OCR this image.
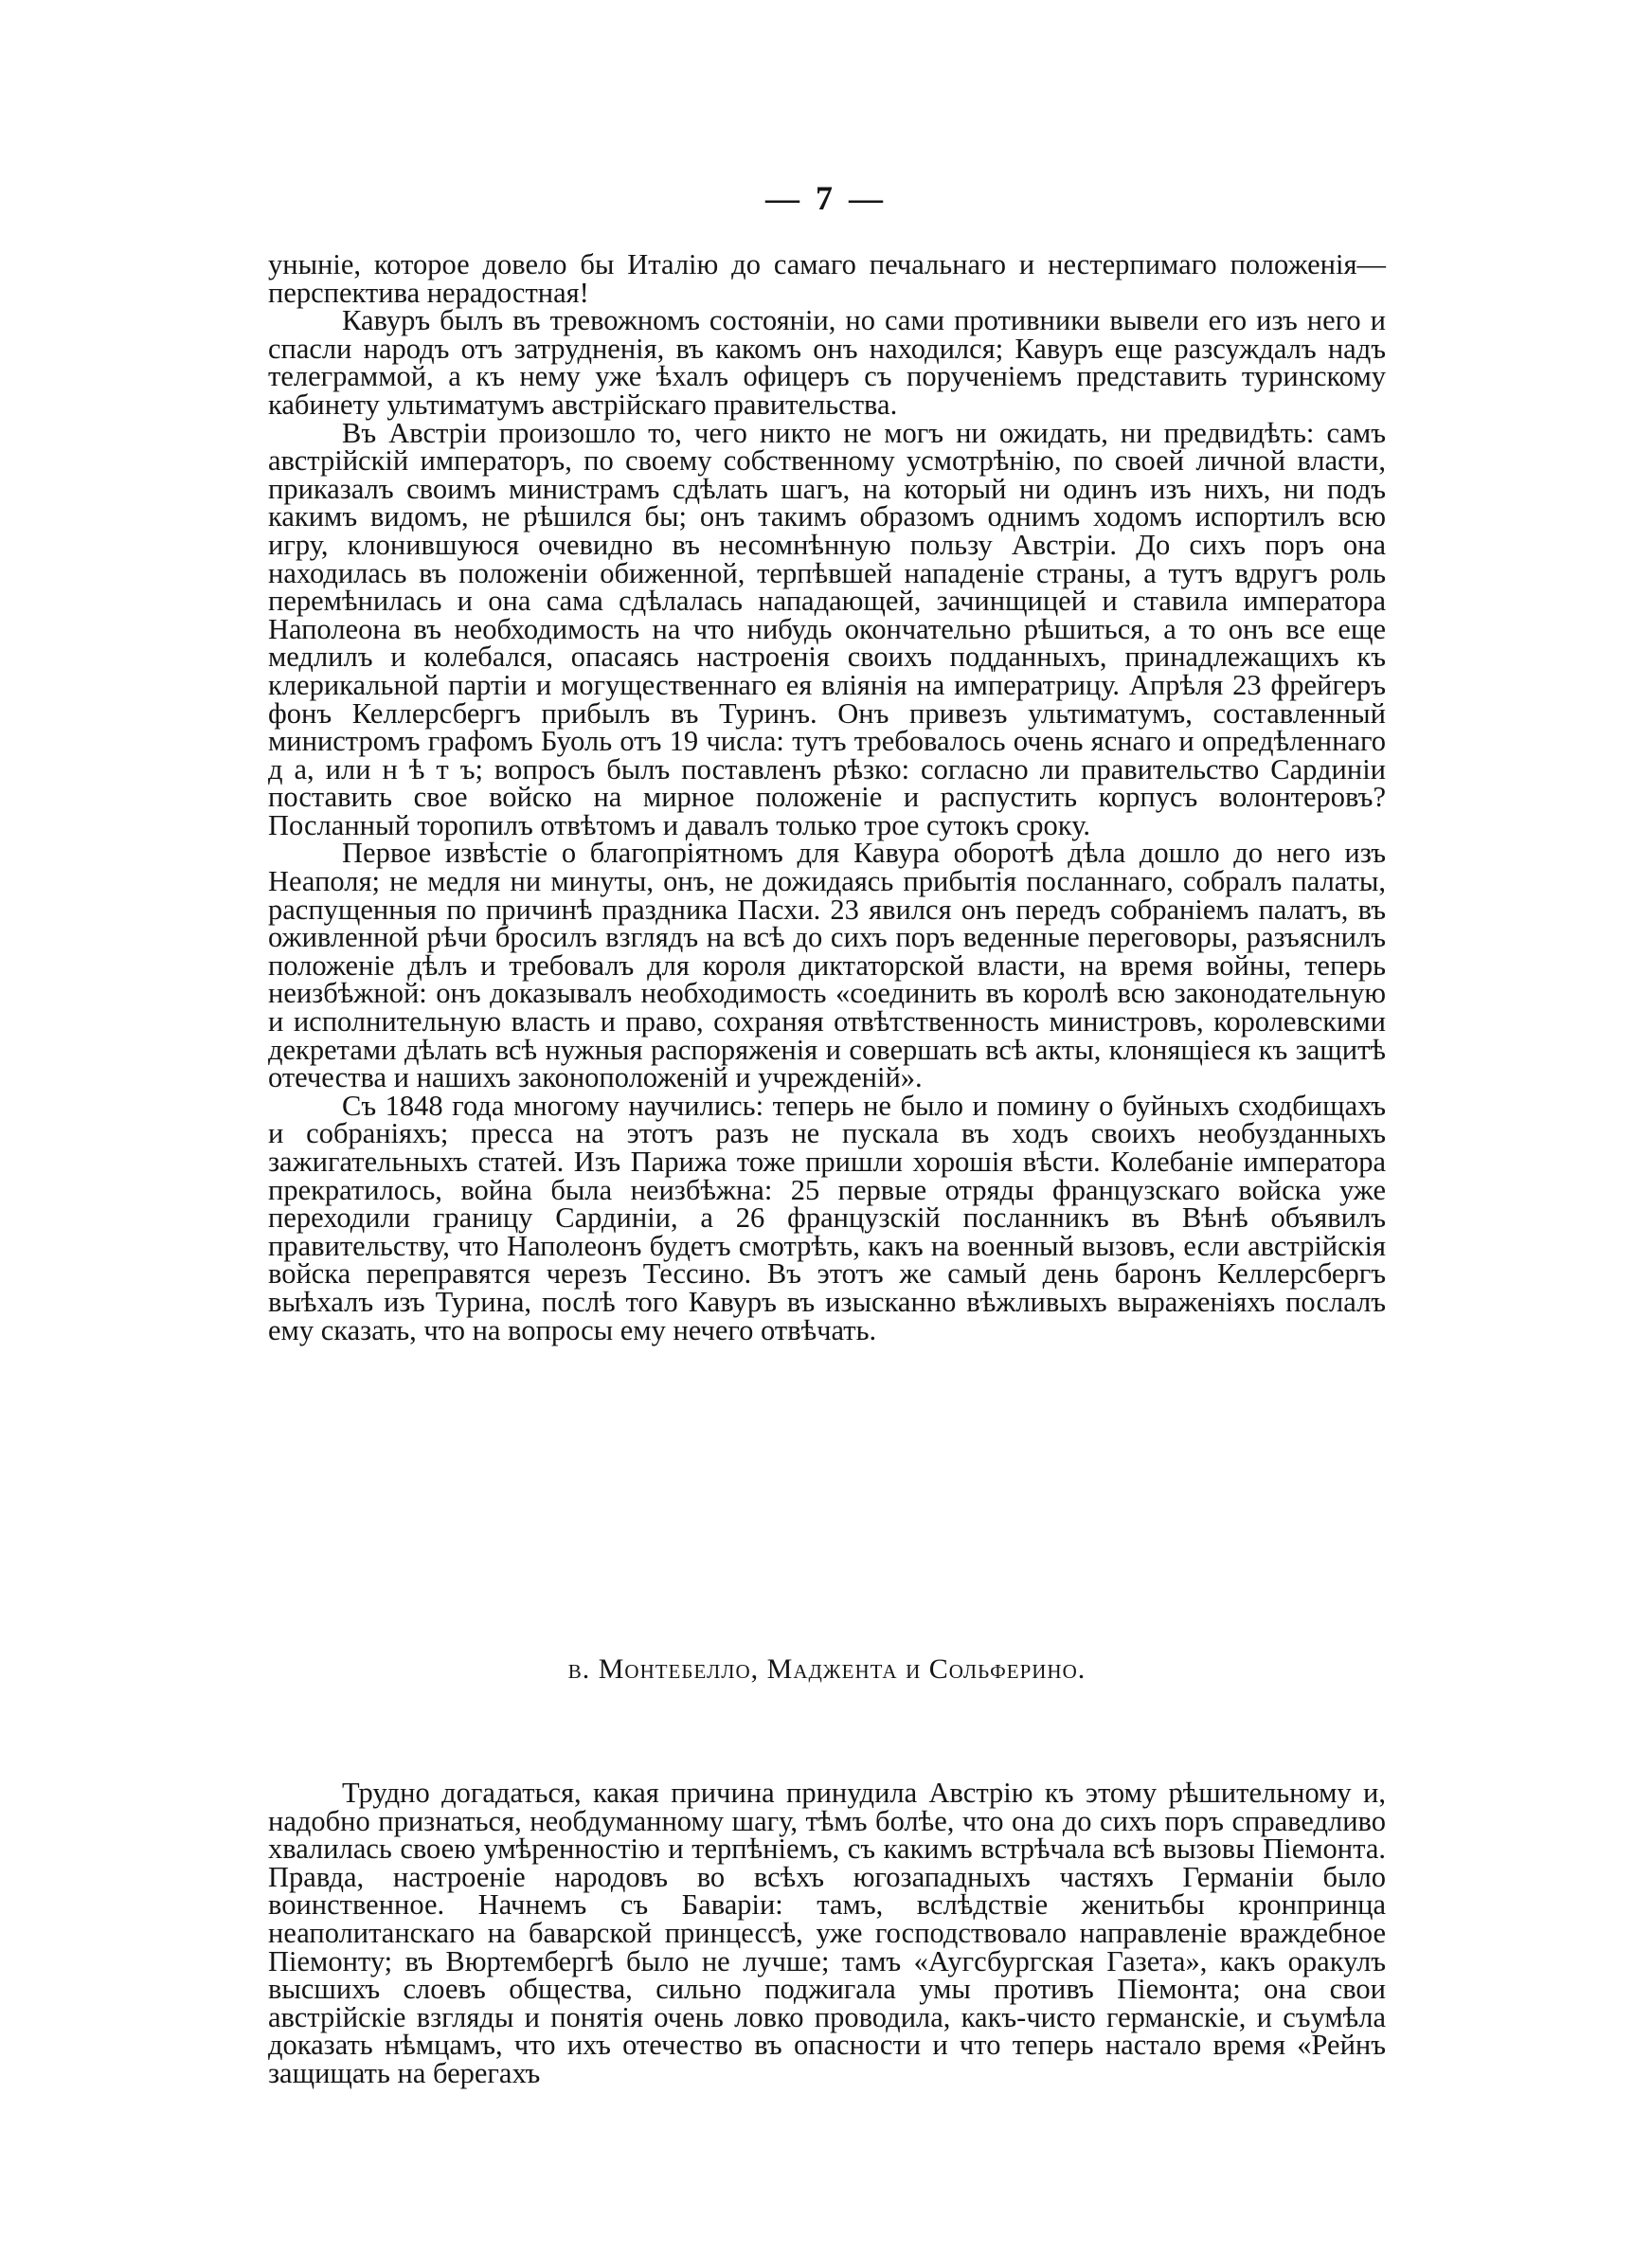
— 7 —

унынiе, которое довело бы Италiю до самаго печальнаго и нестерпимаго положенiя—перспектива нерадостная!

Кавуръ былъ въ тревожномъ состоянiи, но сами противники вывели его изъ него и спасли народъ отъ затрудненiя, въ какомъ онъ находился; Кавуръ еще разсуждалъ надъ телеграммой, а къ нему уже ѣхалъ офицеръ съ порученiемъ представить туринскому кабинету ультиматумъ австрiйскаго правительства.

Въ Австрiи произошло то, чего никто не могъ ни ожидать, ни предвидѣть: самъ австрiйскiй императоръ, по своему собственному усмотрѣнiю, по своей личной власти, приказалъ своимъ министрамъ сдѣлать шагъ, на который ни одинъ изъ нихъ, ни подъ какимъ видомъ, не рѣшился бы; онъ такимъ образомъ однимъ ходомъ испортилъ всю игру, клонившуюся очевидно въ несомнѣнную пользу Австрiи. До сихъ поръ она находилась въ положенiи обиженной, терпѣвшей нападенiе страны, а тутъ вдругъ роль перемѣнилась и она сама сдѣлалась нападающей, зачинщицей и ставила императора Наполеона въ необходимость на что нибудь окончательно рѣшиться, а то онъ все еще медлилъ и колебался, опасаясь настроенiя своихъ подданныхъ, принадлежащихъ къ клерикальной партiи и могущественнаго ея влiянiя на императрицу. Апрѣля 23 фрейгеръ фонъ Келлерсбергъ прибылъ въ Туринъ. Онъ привезъ ультиматумъ, составленный министромъ графомъ Буоль отъ 19 числа: тутъ требовалось очень яснаго и опредѣленнаго д а, или н ѣ т ъ; вопросъ былъ поставленъ рѣзко: согласно ли правительство Сардинiи поставить свое войско на мирное положенiе и распустить корпусъ волонтеровъ? Посланный торопилъ отвѣтомъ и давалъ только трое сутокъ сроку.

Первое извѣстiе о благопрiятномъ для Кавура оборотѣ дѣла дошло до него изъ Неаполя; не медля ни минуты, онъ, не дожидаясь прибытiя посланнаго, собралъ палаты, распущенныя по причинѣ праздника Пасхи. 23 явился онъ передъ собранiемъ палатъ, въ оживленной рѣчи бросилъ взглядъ на всѣ до сихъ поръ веденные переговоры, разъяснилъ положенiе дѣлъ и требовалъ для короля диктаторской власти, на время войны, теперь неизбѣжной: онъ доказывалъ необходимость «соединить въ королѣ всю законодательную и исполнительную власть и право, сохраняя отвѣтственность министровъ, королевскими декретами дѣлать всѣ нужныя распоряженiя и совершать всѣ акты, клонящiеся къ защитѣ отечества и нашихъ законоположенiй и учрежденiй».

Съ 1848 года многому научились: теперь не было и помину о буйныхъ сходбищахъ и собранiяхъ; пресса на этотъ разъ не пускала въ ходъ своихъ необузданныхъ зажигательныхъ статей. Изъ Парижа тоже пришли хорошiя вѣсти. Колебанiе императора прекратилось, война была неизбѣжна: 25 первые отряды французскаго войска уже переходили границу Сардинiи, а 26 французскiй посланникъ въ Вѣнѣ объявилъ правительству, что Наполеонъ будетъ смотрѣть, какъ на военный вызовъ, если австрiйскiя войска переправятся черезъ Тессино. Въ этотъ же самый день баронъ Келлерсбергъ выѣхалъ изъ Турина, послѣ того Кавуръ въ изысканно вѣжливыхъ выраженiяхъ послалъ ему сказать, что на вопросы ему нечего отвѣчать.

в. Монтебелло, Маджента и Сольферино.

Трудно догадаться, какая причина принудила Австрiю къ этому рѣшительному и, надобно признаться, необдуманному шагу, тѣмъ болѣе, что она до сихъ поръ справедливо хвалилась своею умѣренностiю и терпѣнiемъ, съ какимъ встрѣчала всѣ вызовы Пiемонта. Правда, настроенiе народовъ во всѣхъ югозападныхъ частяхъ Германiи было воинственное. Начнемъ съ Баварiи: тамъ, вслѣдствiе женитьбы кронпринца неаполитанскаго на баварской принцессѣ, уже господствовало направленiе враждебное Пiемонту; въ Вюртембергѣ было не лучше; тамъ «Аугсбургская Газета», какъ оракулъ высшихъ слоевъ общества, сильно поджигала умы противъ Пiемонта; она свои австрiйскiе взгляды и понятiя очень ловко проводила, какъ-чисто германскiе, и съумѣла доказать нѣмцамъ, что ихъ отечество въ опасности и что теперь настало время «Рейнъ защищать на берегахъ
